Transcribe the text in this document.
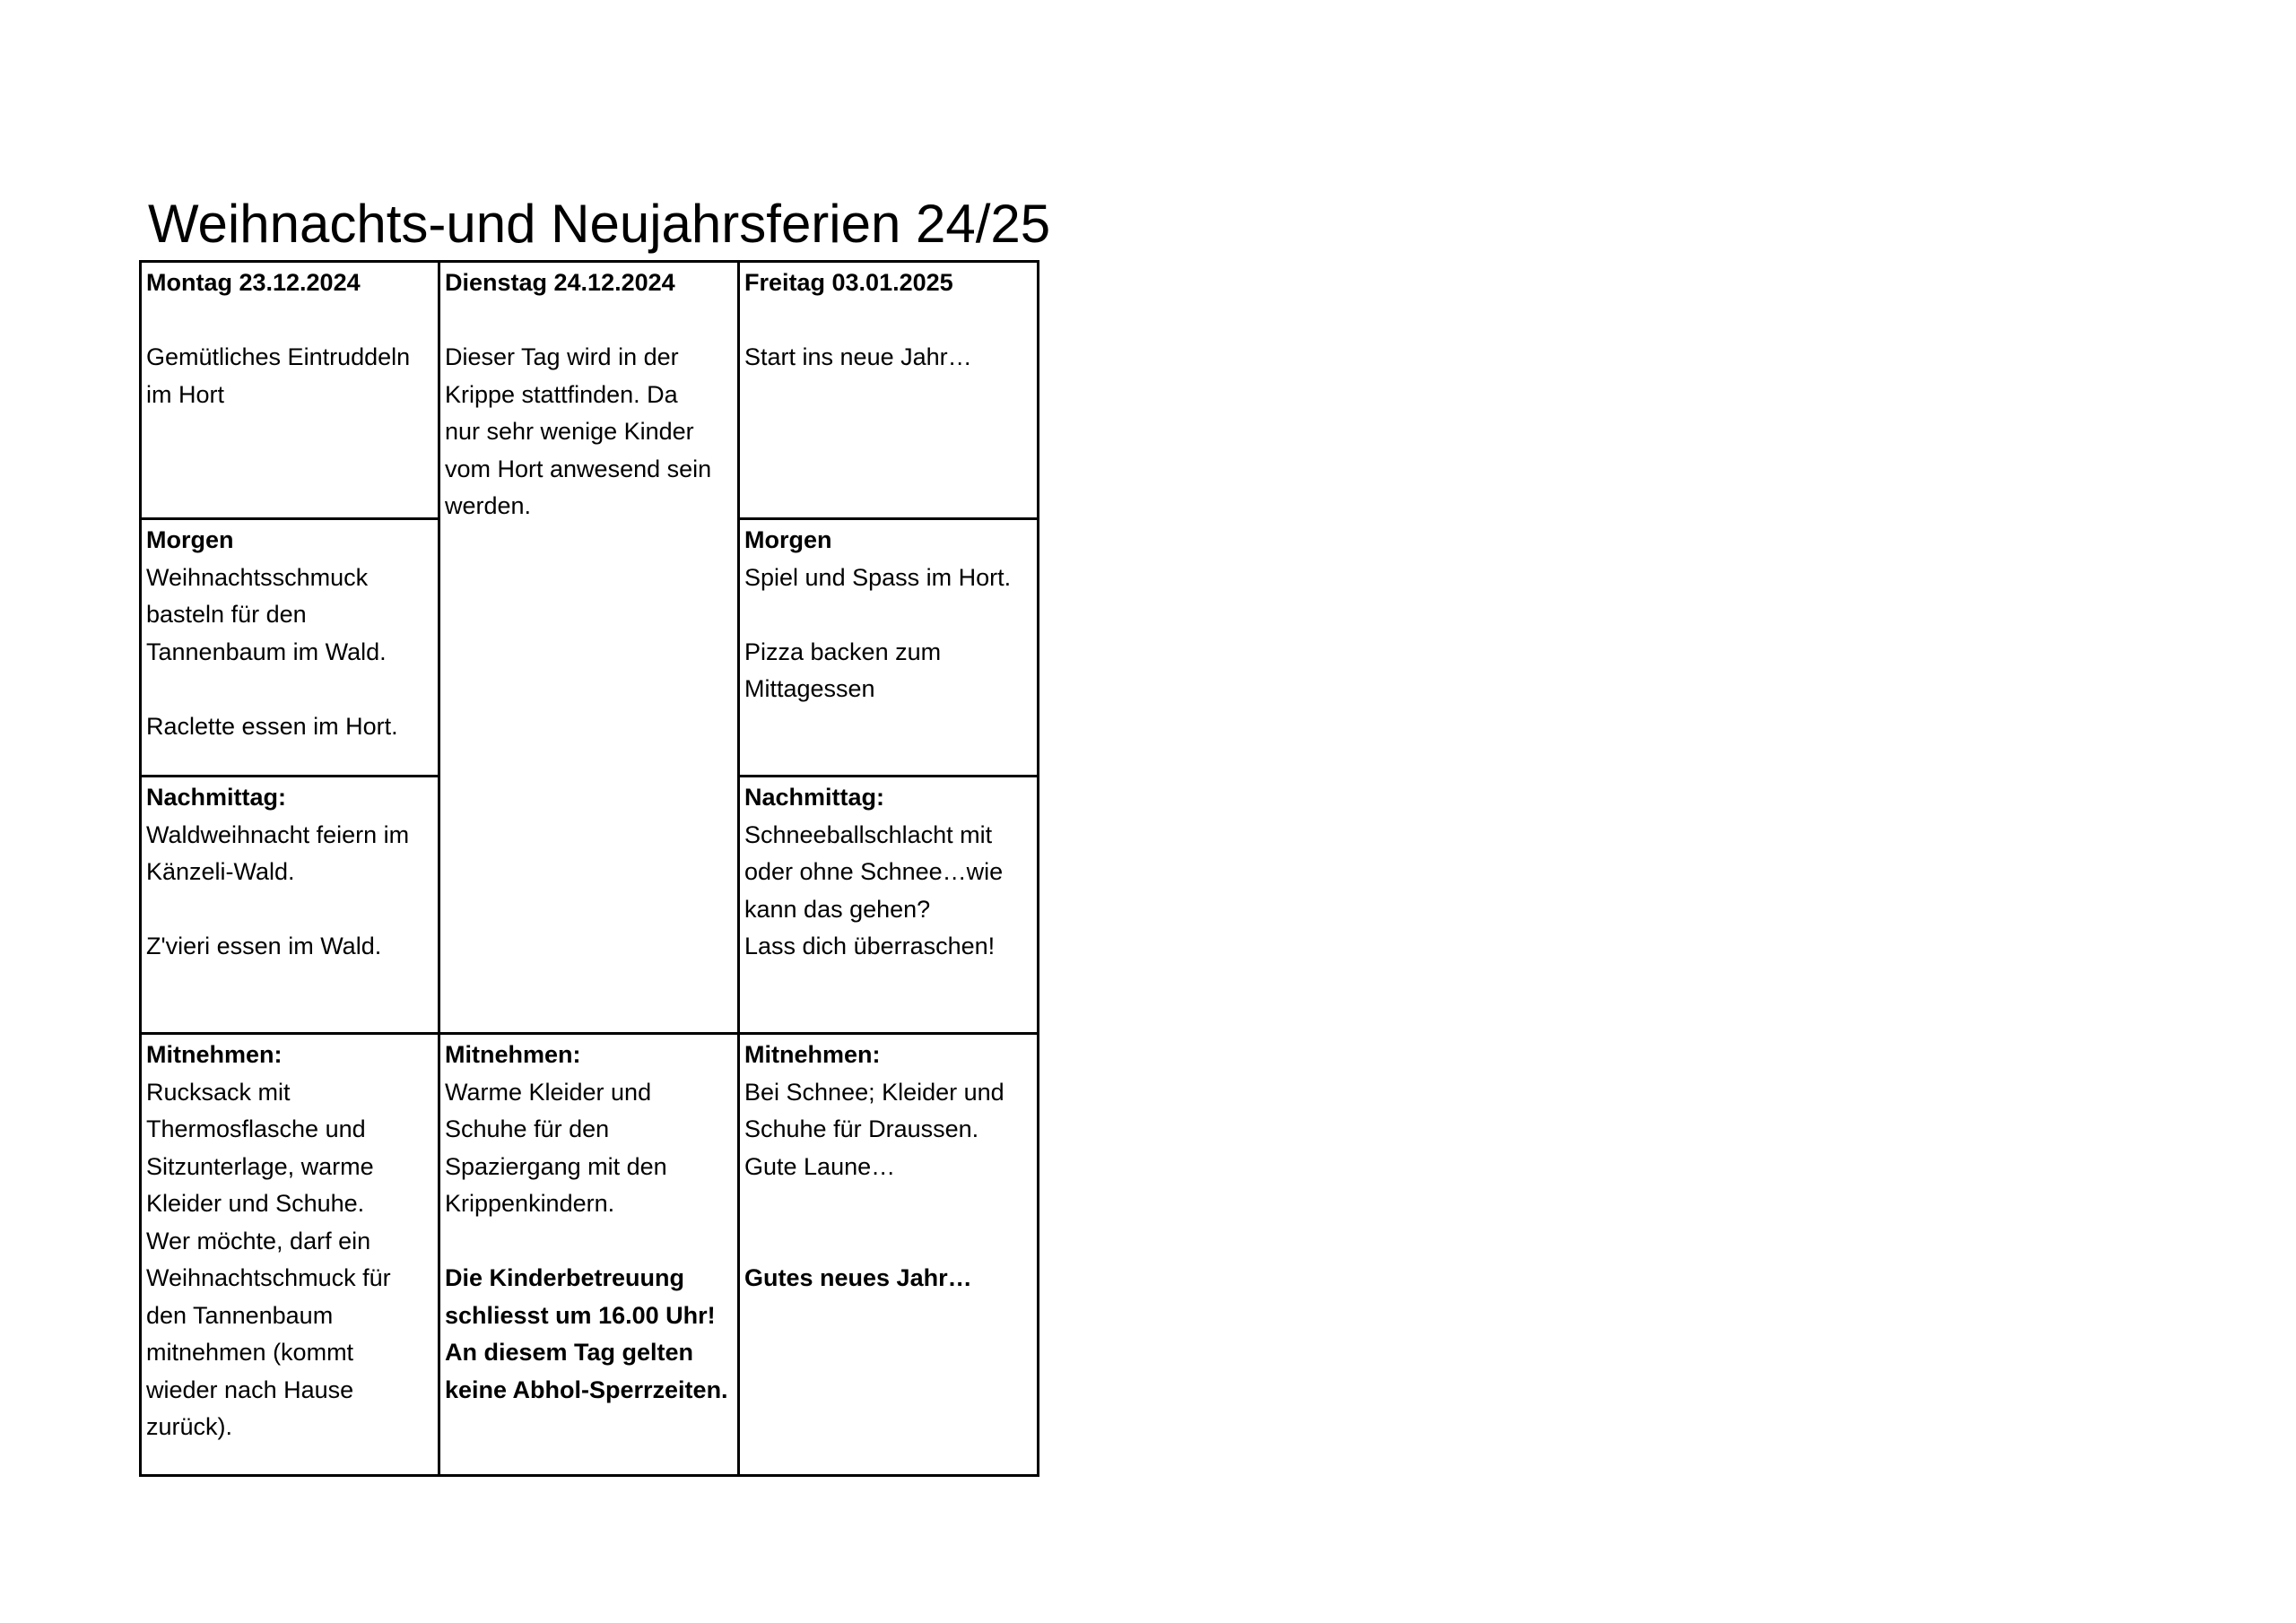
Weihnachts-und Neujahrsferien 24/25
Montag 23.12.2024
Gemütliches Eintruddeln
im Hort
Dienstag 24.12.2024
Dieser Tag wird in der
Krippe stattfinden. Da
nur sehr wenige Kinder
vom Hort anwesend sein
werden.
Freitag 03.01.2025
Start ins neue Jahr…
Morgen
Weihnachtsschmuck
basteln für den
Tannenbaum im Wald.
Raclette essen im Hort.
Morgen
Spiel und Spass im Hort.
Pizza backen zum
Mittagessen
Nachmittag:
Waldweihnacht feiern im
Känzeli-Wald.
Z'vieri essen im Wald.
Nachmittag:
Schneeballschlacht mit
oder ohne Schnee…wie
kann das gehen?
Lass dich überraschen!
Mitnehmen:
Rucksack mit
Thermosflasche und
Sitzunterlage, warme
Kleider und Schuhe.
Wer möchte, darf ein
Weihnachtschmuck für
den Tannenbaum
mitnehmen (kommt
wieder nach Hause
zurück).
Mitnehmen:
Warme Kleider und
Schuhe für den
Spaziergang mit den
Krippenkindern.
Die Kinderbetreuung
schliesst um 16.00 Uhr!
An diesem Tag gelten
keine Abhol-Sperrzeiten.
Mitnehmen:
Bei Schnee; Kleider und
Schuhe für Draussen.
Gute Laune…
Gutes neues Jahr…
